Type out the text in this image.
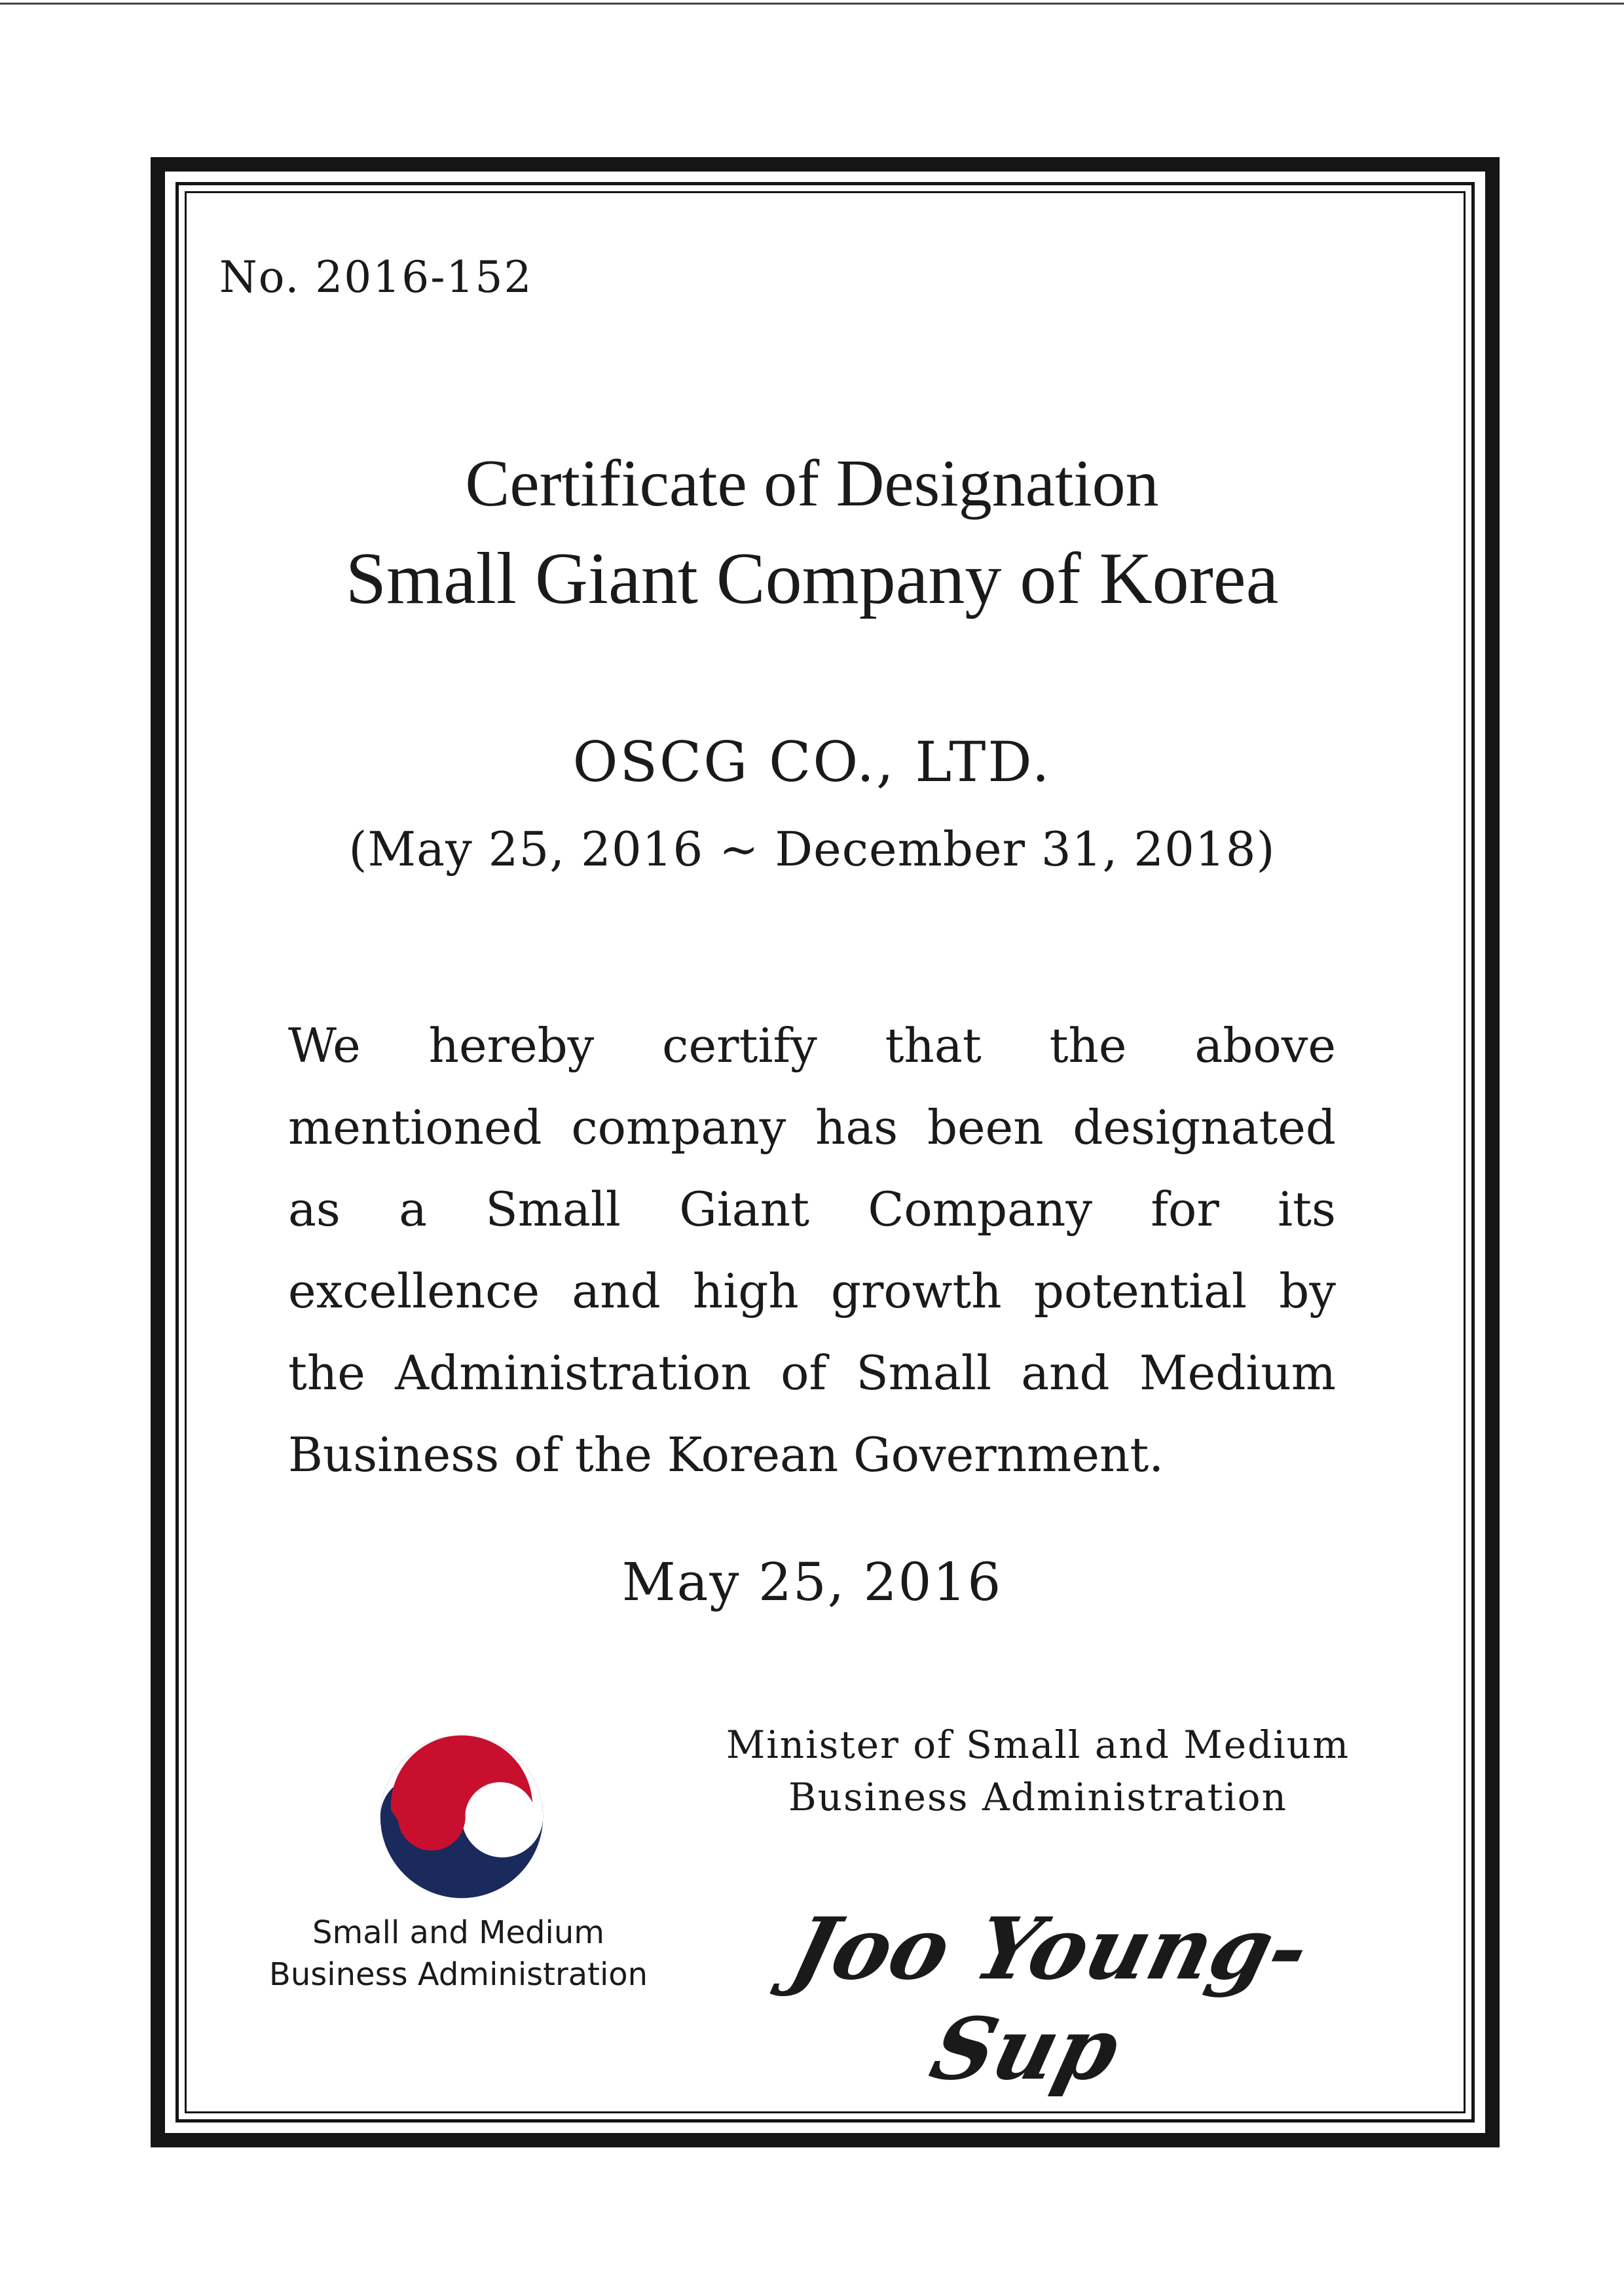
No. 2016-152
Certificate of Designation
Small Giant Company of Korea
OSCG CO., LTD.
(May 25, 2016 ~ December 31, 2018)
We hereby certify that the above mentioned company has been designated as a Small Giant Company for its excellence and high growth potential by the Administration of Small and Medium Business of the Korean Government.
May 25, 2016
Small and Medium
Business Administration
Minister of Small and Medium
Business Administration
Joo Young-Sup
